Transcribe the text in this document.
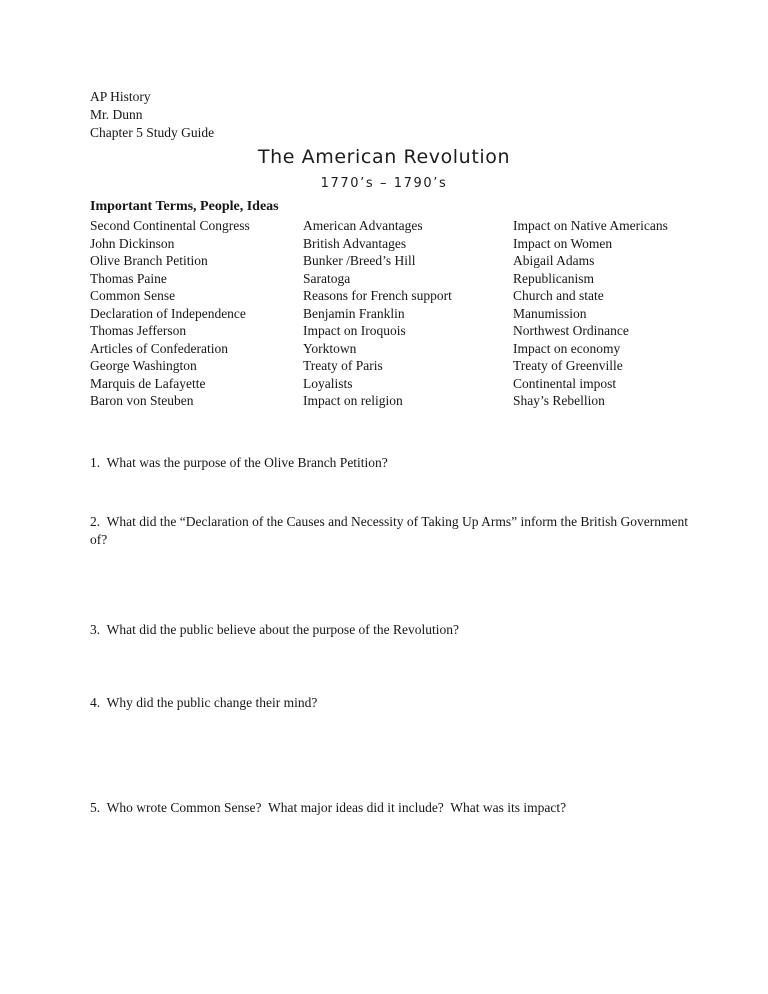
AP History
Mr. Dunn
Chapter 5 Study Guide
The American Revolution
1770’s – 1790’s
Important Terms, People, Ideas
Second Continental Congress
John Dickinson
Olive Branch Petition
Thomas Paine
Common Sense
Declaration of Independence
Thomas Jefferson
Articles of Confederation
George Washington
Marquis de Lafayette
Baron von Steuben
American Advantages
British Advantages
Bunker /Breed’s Hill
Saratoga
Reasons for French support
Benjamin Franklin
Impact on Iroquois
Yorktown
Treaty of Paris
Loyalists
Impact on religion
Impact on Native Americans
Impact on Women
Abigail Adams
Republicanism
Church and state
Manumission
Northwest Ordinance
Impact on economy
Treaty of Greenville
Continental impost
Shay’s Rebellion

1.  What was the purpose of the Olive Branch Petition?

2.  What did the “Declaration of the Causes and Necessity of Taking Up Arms” inform the British Government of?

3.  What did the public believe about the purpose of the Revolution?

4.  Why did the public change their mind?

5.  Who wrote Common Sense?  What major ideas did it include?  What was its impact?
